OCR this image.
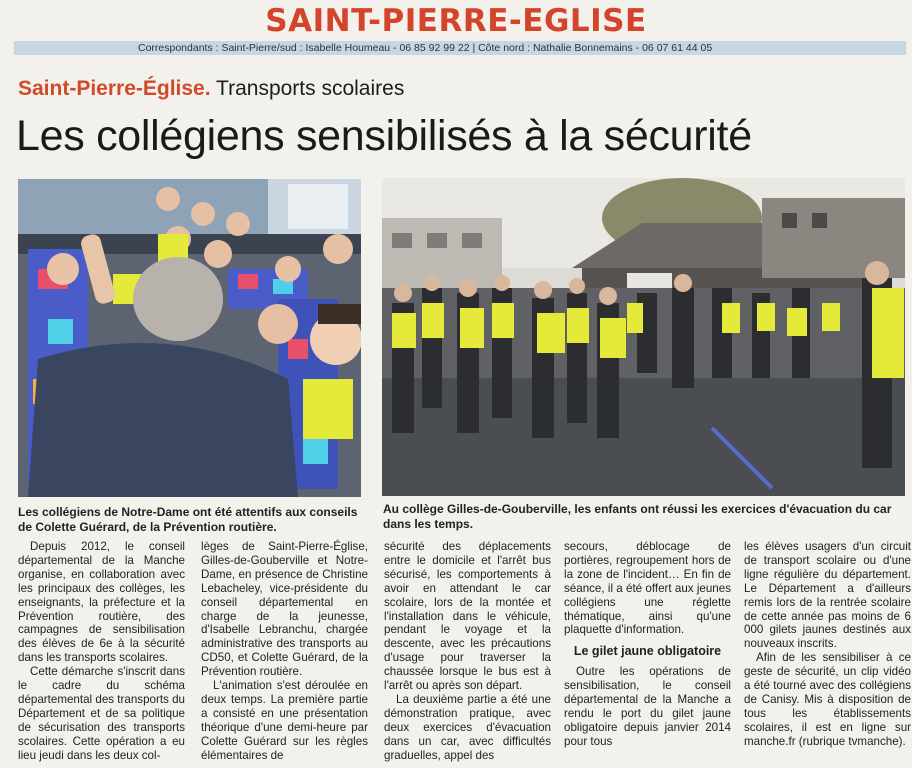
SAINT-PIERRE-EGLISE
Correspondants : Saint-Pierre/sud : Isabelle Houmeau - 06 85 92 99 22 | Côte nord : Nathalie Bonnemains - 06 07 61 44 05
Saint-Pierre-Église. Transports scolaires
Les collégiens sensibilisés à la sécurité
Les collégiens de Notre-Dame ont été attentifs aux conseils de Colette Guérard, de la Prévention routière.
Au collège Gilles-de-Gouberville, les enfants ont réussi les exercices d'évacuation du car dans les temps.

Depuis 2012, le conseil départemental de la Manche organise, en collaboration avec les principaux des collèges, les enseignants, la préfecture et la Prévention routière, des campagnes de sensibilisation des élèves de 6e à la sécurité dans les transports scolaires.

Cette démarche s'inscrit dans le cadre du schéma départemental des transports du Département et de sa politique de sécurisation des transports scolaires. Cette opération a eu lieu jeudi dans les deux col-

lèges de Saint-Pierre-Église, Gilles-de-Gouberville et Notre-Dame, en présence de Christine Lebacheley, vice-présidente du conseil départemental en charge de la jeunesse, d'Isabelle Lebranchu, chargée administrative des transports au CD50, et Colette Guérard, de la Prévention routière.

L'animation s'est déroulée en deux temps. La première partie a consisté en une présentation théorique d'une demi-heure par Colette Guérard sur les règles élémentaires de

sécurité des déplacements entre le domicile et l'arrêt bus sécurisé, les comportements à avoir en attendant le car scolaire, lors de la montée et l'installation dans le véhicule, pendant le voyage et la descente, avec les précautions d'usage pour traverser la chaussée lorsque le bus est à l'arrêt ou après son départ.

La deuxième partie a été une démonstration pratique, avec deux exercices d'évacuation dans un car, avec difficultés graduelles, appel des

secours, déblocage de portières, regroupement hors de la zone de l'incident… En fin de séance, il a été offert aux jeunes collégiens une réglette thématique, ainsi qu'une plaquette d'information.

Le gilet jaune obligatoire

Outre les opérations de sensibilisation, le conseil départemental de la Manche a rendu le port du gilet jaune obligatoire depuis janvier 2014 pour tous

les élèves usagers d'un circuit de transport scolaire ou d'une ligne régulière du département. Le Département a d'ailleurs remis lors de la rentrée scolaire de cette année pas moins de 6 000 gilets jaunes destinés aux nouveaux inscrits.

Afin de les sensibiliser à ce geste de sécurité, un clip vidéo a été tourné avec des collégiens de Canisy. Mis à disposition de tous les établissements scolaires, il est en ligne sur manche.fr (rubrique tvmanche).
